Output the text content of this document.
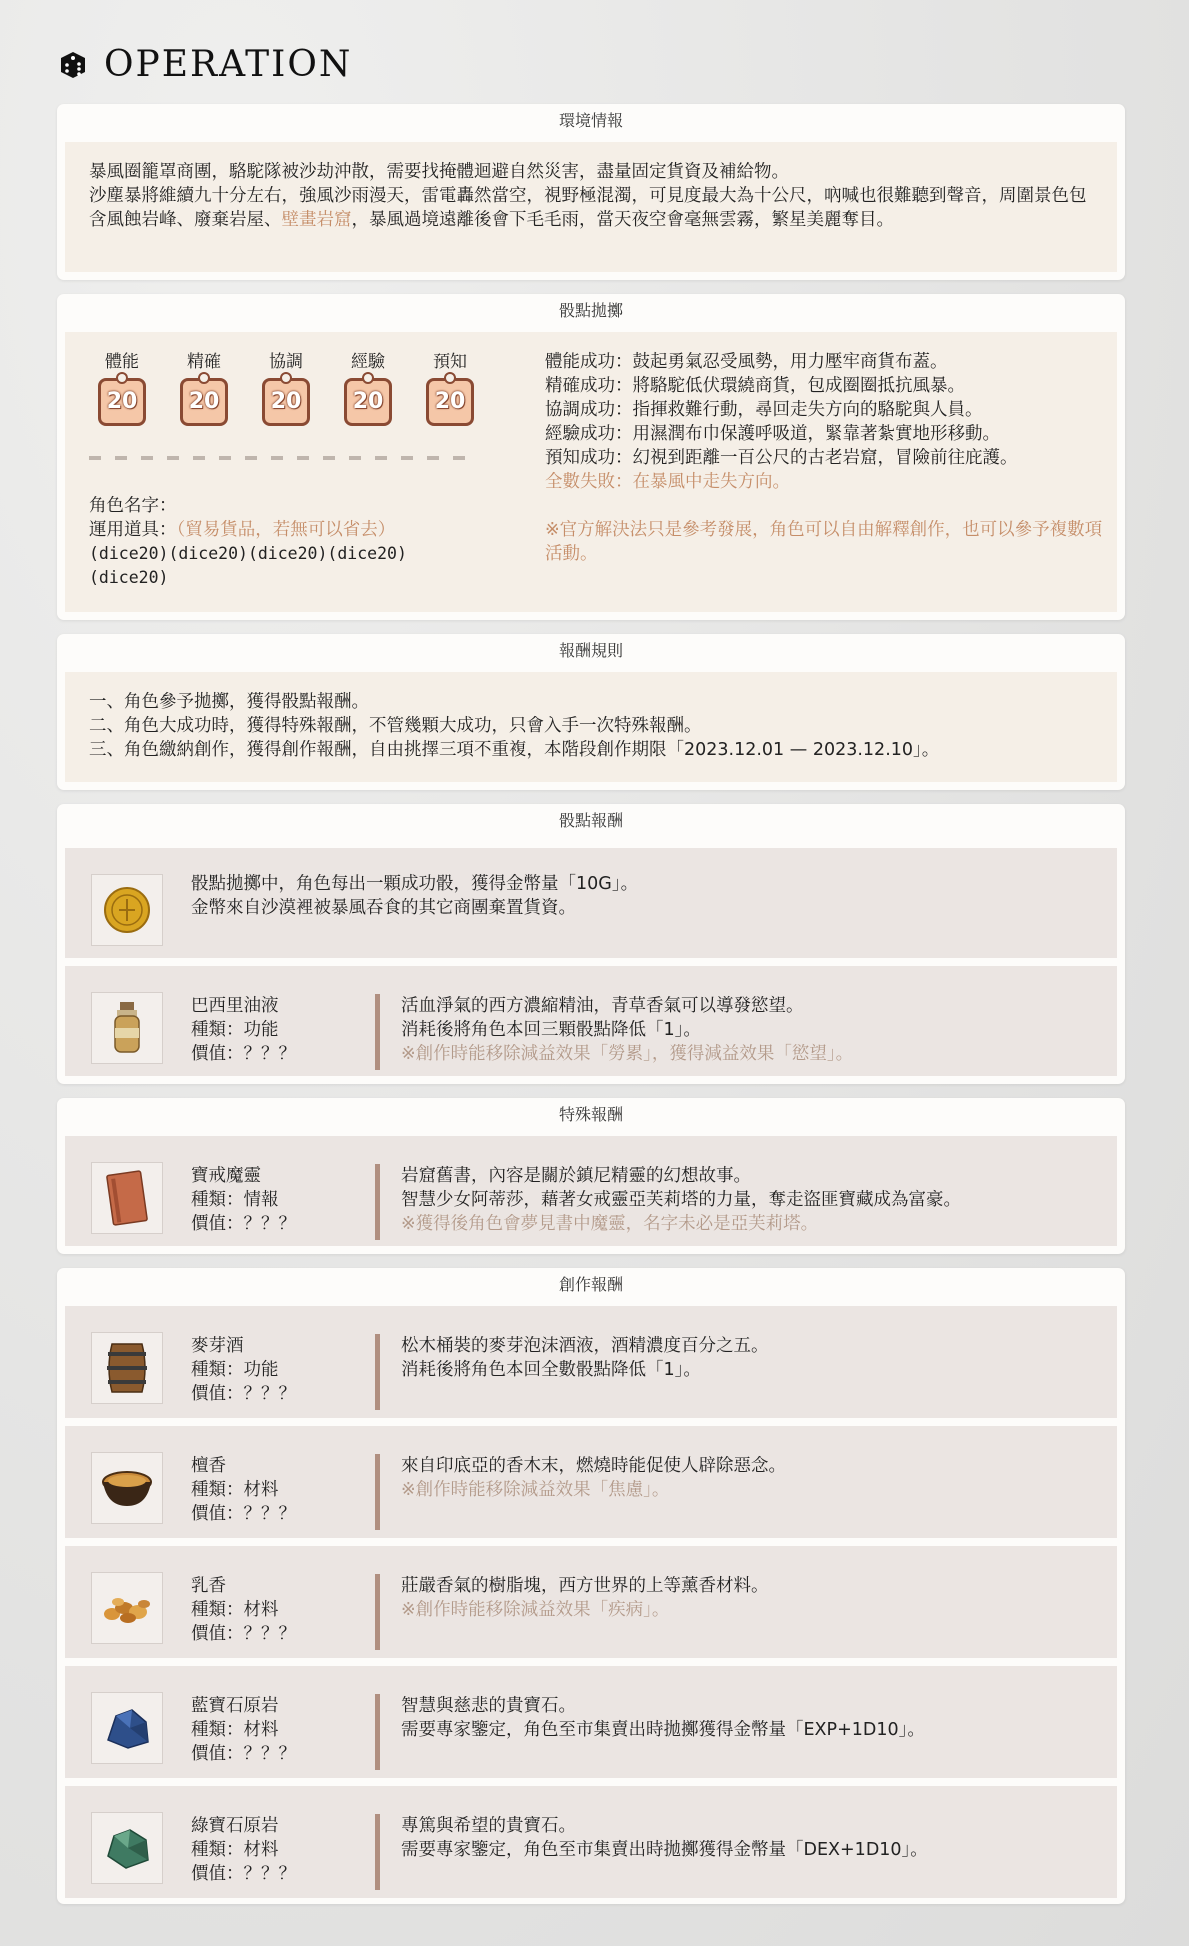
OPERATION
環境情報
暴風圈籠罩商團，駱駝隊被沙劫沖散，需要找掩體迴避自然災害，盡量固定貨資及補給物。
沙塵暴將維續九十分左右，強風沙雨漫天，雷電轟然當空，視野極混濁，可見度最大為十公尺，吶喊也很難聽到聲音，周圍景色包含風蝕岩峰、廢棄岩屋、壁畫岩窟，暴風過境遠離後會下毛毛雨，當天夜空會毫無雲霧，繁星美麗奪目。
骰點拋擲
體能
20
精確
20
協調
20
經驗
20
預知
20
角色名字：
運用道具：（貿易貨品，若無可以省去）
(dice20)(dice20)(dice20)(dice20)
(dice20)
體能成功：鼓起勇氣忍受風勢，用力壓牢商貨布蓋。
精確成功：將駱駝低伏環繞商貨，包成圈圈抵抗風暴。
協調成功：指揮救難行動，尋回走失方向的駱駝與人員。
經驗成功：用濕潤布巾保護呼吸道，緊靠著紮實地形移動。
預知成功：幻視到距離一百公尺的古老岩窟，冒險前往庇護。
全數失敗：在暴風中走失方向。
※官方解決法只是參考發展，角色可以自由解釋創作，也可以參予複數項活動。
報酬規則
一、角色參予拋擲，獲得骰點報酬。
二、角色大成功時，獲得特殊報酬，不管幾顆大成功，只會入手一次特殊報酬。
三、角色繳納創作，獲得創作報酬，自由挑擇三項不重複，本階段創作期限「2023.12.01 — 2023.12.10」。
骰點報酬
骰點拋擲中，角色每出一顆成功骰，獲得金幣量「10G」。
金幣來自沙漠裡被暴風吞食的其它商團棄置貨資。
巴西里油液
種類：功能
價值：？？？
活血淨氣的西方濃縮精油，青草香氣可以導發慾望。
消耗後將角色本回三顆骰點降低「1」。
※創作時能移除減益效果「勞累」，獲得減益效果「慾望」。
特殊報酬
寶戒魔靈
種類：情報
價值：？？？
岩窟舊書，內容是關於鎮尼精靈的幻想故事。
智慧少女阿蒂莎，藉著女戒靈亞芙莉塔的力量，奪走盜匪寶藏成為富豪。
※獲得後角色會夢見書中魔靈，名字未必是亞芙莉塔。
創作報酬
麥芽酒
種類：功能
價值：？？？
松木桶裝的麥芽泡沫酒液，酒精濃度百分之五。
消耗後將角色本回全數骰點降低「1」。
檀香
種類：材料
價值：？？？
來自印底亞的香木末，燃燒時能促使人辟除惡念。
※創作時能移除減益效果「焦慮」。
乳香
種類：材料
價值：？？？
莊嚴香氣的樹脂塊，西方世界的上等薰香材料。
※創作時能移除減益效果「疾病」。
藍寶石原岩
種類：材料
價值：？？？
智慧與慈悲的貴寶石。
需要專家鑒定，角色至市集賣出時拋擲獲得金幣量「EXP+1D10」。
綠寶石原岩
種類：材料
價值：？？？
專篤與希望的貴寶石。
需要專家鑒定，角色至市集賣出時拋擲獲得金幣量「DEX+1D10」。
